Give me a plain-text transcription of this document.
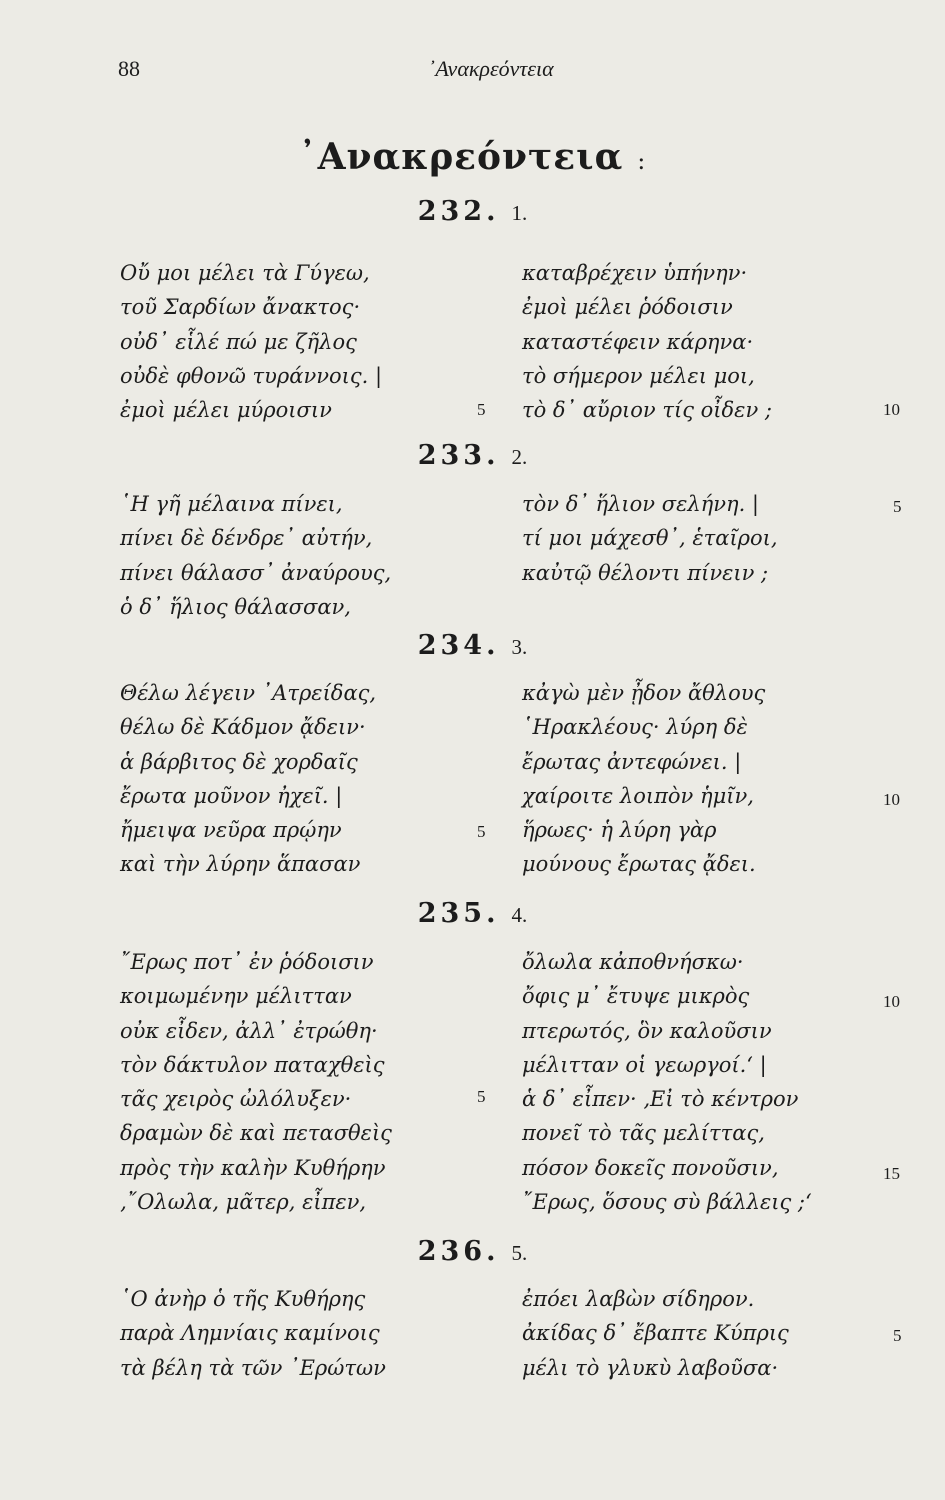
88	᾿Ανακρεόντεια
᾿Ανακρεόντεια :
232. 1.
Οὔ μοι μέλει τὰ Γύγεω,
τοῦ Σαρδίων ἄνακτος·
οὐδ᾿ εἷλέ πώ με ζῆλος
οὐδὲ φθονῶ τυράννοις. |
ἐμοὶ μέλει μύροισιν
καταβρέχειν ὑπήνην·
ἐμοὶ μέλει ῥόδοισιν
καταστέφειν κάρηνα·
τὸ σήμερον μέλει μοι,
τὸ δ᾿ αὔριον τίς οἶδεν ;
5	10
233. 2.
῾Η γῆ μέλαινα πίνει,
πίνει δὲ δένδρε᾿ αὐτήν,
πίνει θάλασσ᾿ ἀναύρους,
ὁ δ᾿ ἥλιος θάλασσαν,
τὸν δ᾿ ἥλιον σελήνη. |
τί μοι μάχεσθ᾿, ἑταῖροι,
καὐτῷ θέλοντι πίνειν ;
5
234. 3.
Θέλω λέγειν ᾿Ατρείδας,
θέλω δὲ Κάδμον ᾄδειν·
ἁ βάρβιτος δὲ χορδαῖς
ἔρωτα μοῦνον ἠχεῖ. |
ἤμειψα νεῦρα πρῴην
καὶ τὴν λύρην ἅπασαν
κἀγὼ μὲν ᾖδον ἄθλους
῾Ηρακλέους· λύρη δὲ
ἔρωτας ἀντεφώνει. |
χαίροιτε λοιπὸν ἡμῖν,
ἥρωες· ἡ λύρη γὰρ
μούνους ἔρωτας ᾄδει.
5
10
235. 4.
῎Ερως ποτ᾿ ἐν ῥόδοισιν
κοιμωμένην μέλιτταν
οὐκ εἶδεν, ἀλλ᾿ ἐτρώθη·
τὸν δάκτυλον παταχθεὶς
τᾶς χειρὸς ὠλόλυξεν·
δραμὼν δὲ καὶ πετασθεὶς
πρὸς τὴν καλὴν Κυθήρην
‚῎Ολωλα, μᾶτερ, εἶπεν,
ὄλωλα κἀποθνήσκω·
ὄφις μ᾿ ἔτυψε μικρὸς
πτερωτός, ὃν καλοῦσιν
μέλιτταν οἱ γεωργοί.‘ |
ἁ δ᾿ εἶπεν· ‚Εἰ τὸ κέντρον
πονεῖ τὸ τᾶς μελίττας,
πόσον δοκεῖς πονοῦσιν,
῎Ερως, ὅσους σὺ βάλλεις ;‘
5
10
15
236. 5.
῾Ο ἀνὴρ ὁ τῆς Κυθήρης
παρὰ Λημνίαις καμίνοις
τὰ βέλη τὰ τῶν ᾿Ερώτων
ἐπόει λαβὼν σίδηρον.
ἀκίδας δ᾿ ἔβαπτε Κύπρις
μέλι τὸ γλυκὺ λαβοῦσα·
5
